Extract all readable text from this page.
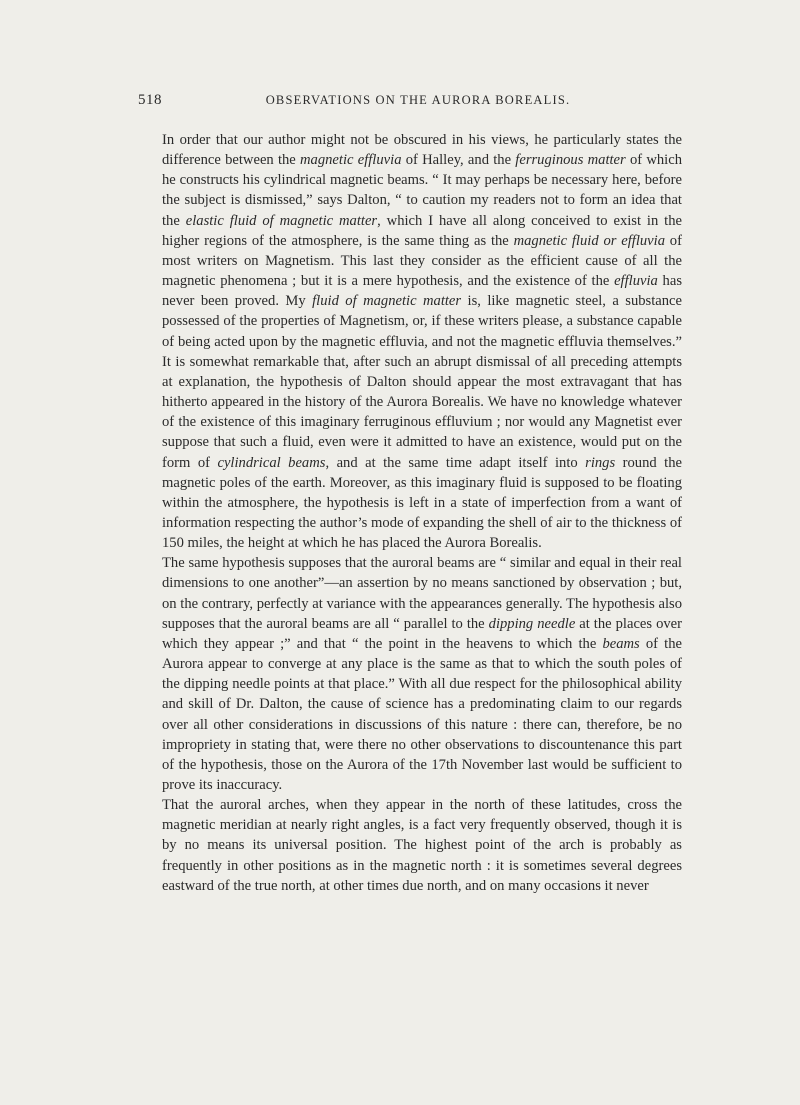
518	OBSERVATIONS ON THE AURORA BOREALIS.

In order that our author might not be obscured in his views, he particularly states the difference between the magnetic effluvia of Halley, and the ferruginous matter of which he constructs his cylindrical magnetic beams. “ It may perhaps be necessary here, before the subject is dismissed,” says Dalton, “ to caution my readers not to form an idea that the elastic fluid of magnetic matter, which I have all along conceived to exist in the higher regions of the atmosphere, is the same thing as the magnetic fluid or effluvia of most writers on Magnetism. This last they consider as the efficient cause of all the magnetic phenomena ; but it is a mere hypothesis, and the existence of the effluvia has never been proved. My fluid of magnetic matter is, like magnetic steel, a substance possessed of the properties of Magnetism, or, if these writers please, a substance capable of being acted upon by the magnetic effluvia, and not the magnetic effluvia themselves.” It is somewhat remarkable that, after such an abrupt dismissal of all preceding attempts at explanation, the hypothesis of Dalton should appear the most extravagant that has hitherto appeared in the history of the Aurora Borealis. We have no knowledge whatever of the existence of this imaginary ferruginous effluvium ; nor would any Magnetist ever suppose that such a fluid, even were it admitted to have an existence, would put on the form of cylindrical beams, and at the same time adapt itself into rings round the magnetic poles of the earth. Moreover, as this imaginary fluid is supposed to be floating within the atmosphere, the hypothesis is left in a state of imperfection from a want of information respecting the author’s mode of expanding the shell of air to the thickness of 150 miles, the height at which he has placed the Aurora Borealis.

The same hypothesis supposes that the auroral beams are “ similar and equal in their real dimensions to one another”—an assertion by no means sanctioned by observation ; but, on the contrary, perfectly at variance with the appearances generally. The hypothesis also supposes that the auroral beams are all “ parallel to the dipping needle at the places over which they appear ;” and that “ the point in the heavens to which the beams of the Aurora appear to converge at any place is the same as that to which the south poles of the dipping needle points at that place.” With all due respect for the philosophical ability and skill of Dr. Dalton, the cause of science has a predominating claim to our regards over all other considerations in discussions of this nature : there can, therefore, be no impropriety in stating that, were there no other observations to discountenance this part of the hypothesis, those on the Aurora of the 17th November last would be sufficient to prove its inaccuracy.

That the auroral arches, when they appear in the north of these latitudes, cross the magnetic meridian at nearly right angles, is a fact very frequently observed, though it is by no means its universal position. The highest point of the arch is probably as frequently in other positions as in the magnetic north : it is sometimes several degrees eastward of the true north, at other times due north, and on many occasions it never
